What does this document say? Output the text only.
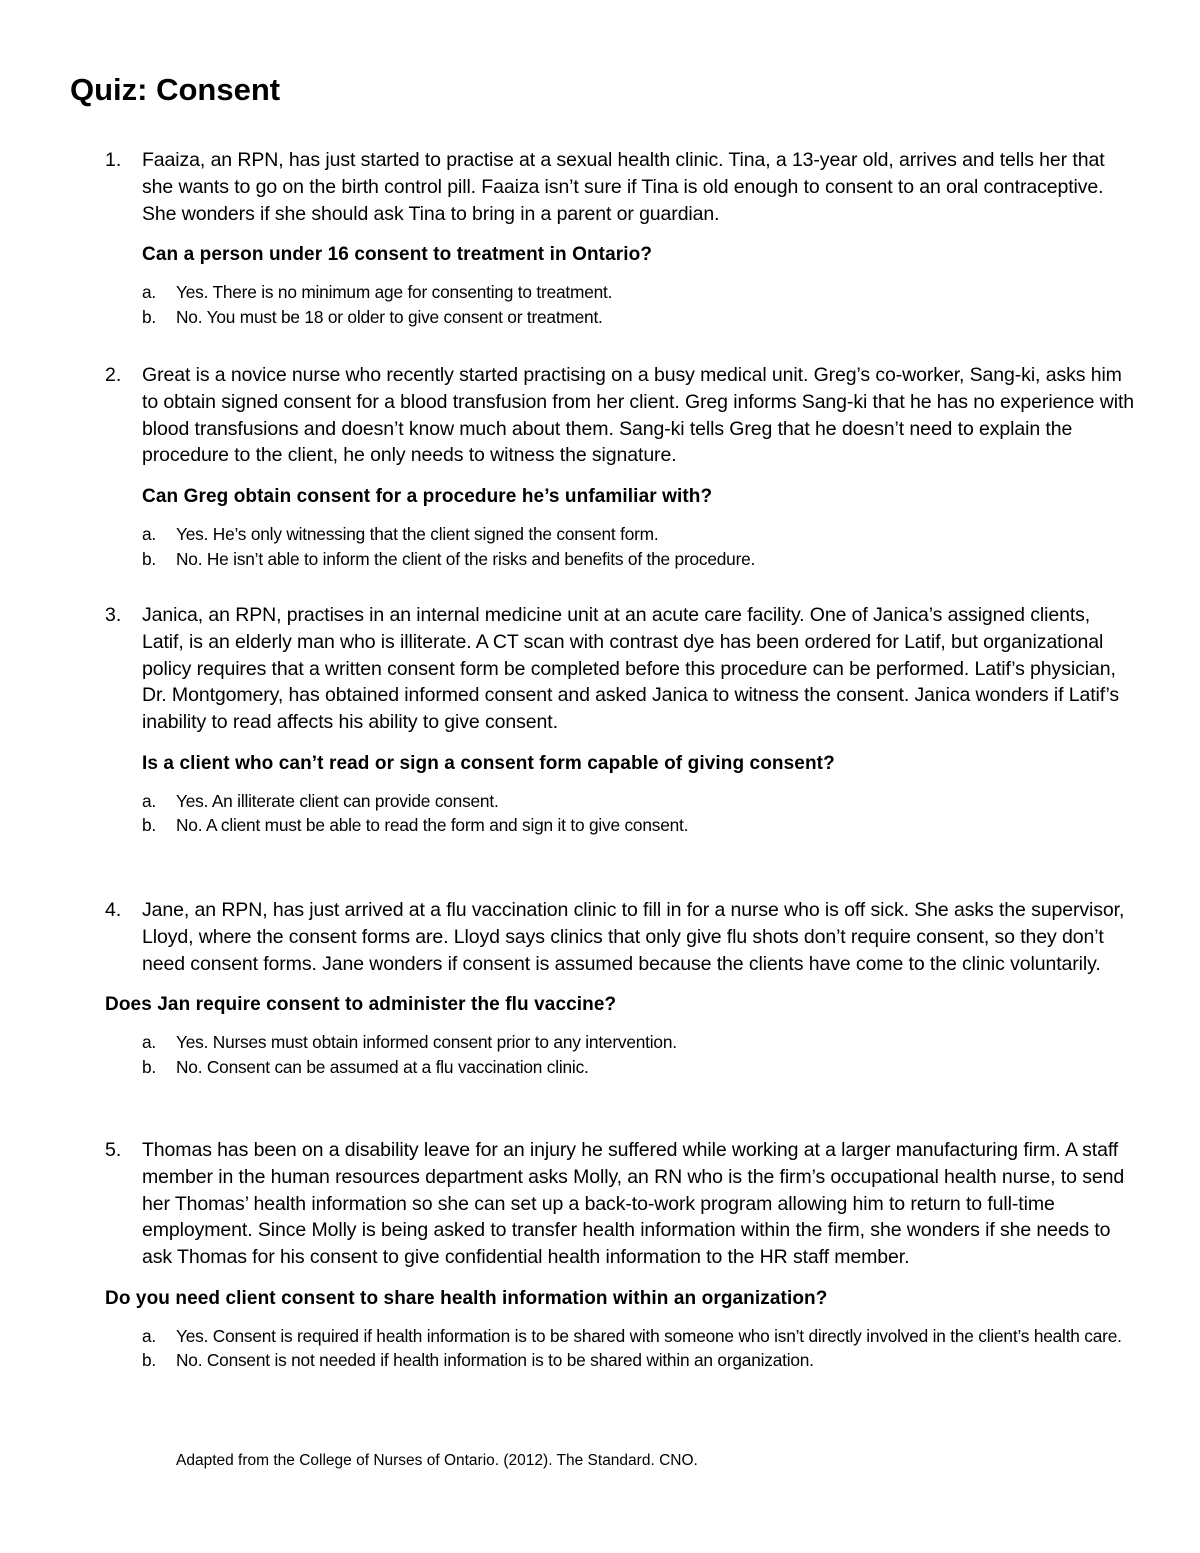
Quiz: Consent
1.	Faaiza, an RPN, has just started to practise at a sexual health clinic. Tina, a 13-year old, arrives and tells her that she wants to go on the birth control pill. Faaiza isn’t sure if Tina is old enough to consent to an oral contraceptive. She wonders if she should ask Tina to bring in a parent or guardian.

Can a person under 16 consent to treatment in Ontario?

a. Yes. There is no minimum age for consenting to treatment.
b. No. You must be 18 or older to give consent or treatment.
2.	Great is a novice nurse who recently started practising on a busy medical unit. Greg’s co-worker, Sang-ki, asks him to obtain signed consent for a blood transfusion from her client. Greg informs Sang-ki that he has no experience with blood transfusions and doesn’t know much about them. Sang-ki tells Greg that he doesn’t need to explain the procedure to the client, he only needs to witness the signature.

Can Greg obtain consent for a procedure he’s unfamiliar with?

a. Yes. He’s only witnessing that the client signed the consent form.
b. No. He isn’t able to inform the client of the risks and benefits of the procedure.
3.	Janica, an RPN, practises in an internal medicine unit at an acute care facility. One of Janica’s assigned clients, Latif, is an elderly man who is illiterate. A CT scan with contrast dye has been ordered for Latif, but organizational policy requires that a written consent form be completed before this procedure can be performed. Latif’s physician, Dr. Montgomery, has obtained informed consent and asked Janica to witness the consent. Janica wonders if Latif’s inability to read affects his ability to give consent.

Is a client who can’t read or sign a consent form capable of giving consent?

a. Yes. An illiterate client can provide consent.
b. No. A client must be able to read the form and sign it to give consent.
4.	Jane, an RPN, has just arrived at a flu vaccination clinic to fill in for a nurse who is off sick. She asks the supervisor, Lloyd, where the consent forms are. Lloyd says clinics that only give flu shots don’t require consent, so they don’t need consent forms. Jane wonders if consent is assumed because the clients have come to the clinic voluntarily.

Does Jan require consent to administer the flu vaccine?

a. Yes. Nurses must obtain informed consent prior to any intervention.
b. No. Consent can be assumed at a flu vaccination clinic.
5.	Thomas has been on a disability leave for an injury he suffered while working at a larger manufacturing firm. A staff member in the human resources department asks Molly, an RN who is the firm’s occupational health nurse, to send her Thomas’ health information so she can set up a back-to-work program allowing him to return to full-time employment. Since Molly is being asked to transfer health information within the firm, she wonders if she needs to ask Thomas for his consent to give confidential health information to the HR staff member.

Do you need client consent to share health information within an organization?

a. Yes. Consent is required if health information is to be shared with someone who isn’t directly involved in the client’s health care.
b. No. Consent is not needed if health information is to be shared within an organization.

Adapted from the College of Nurses of Ontario. (2012). The Standard. CNO.
